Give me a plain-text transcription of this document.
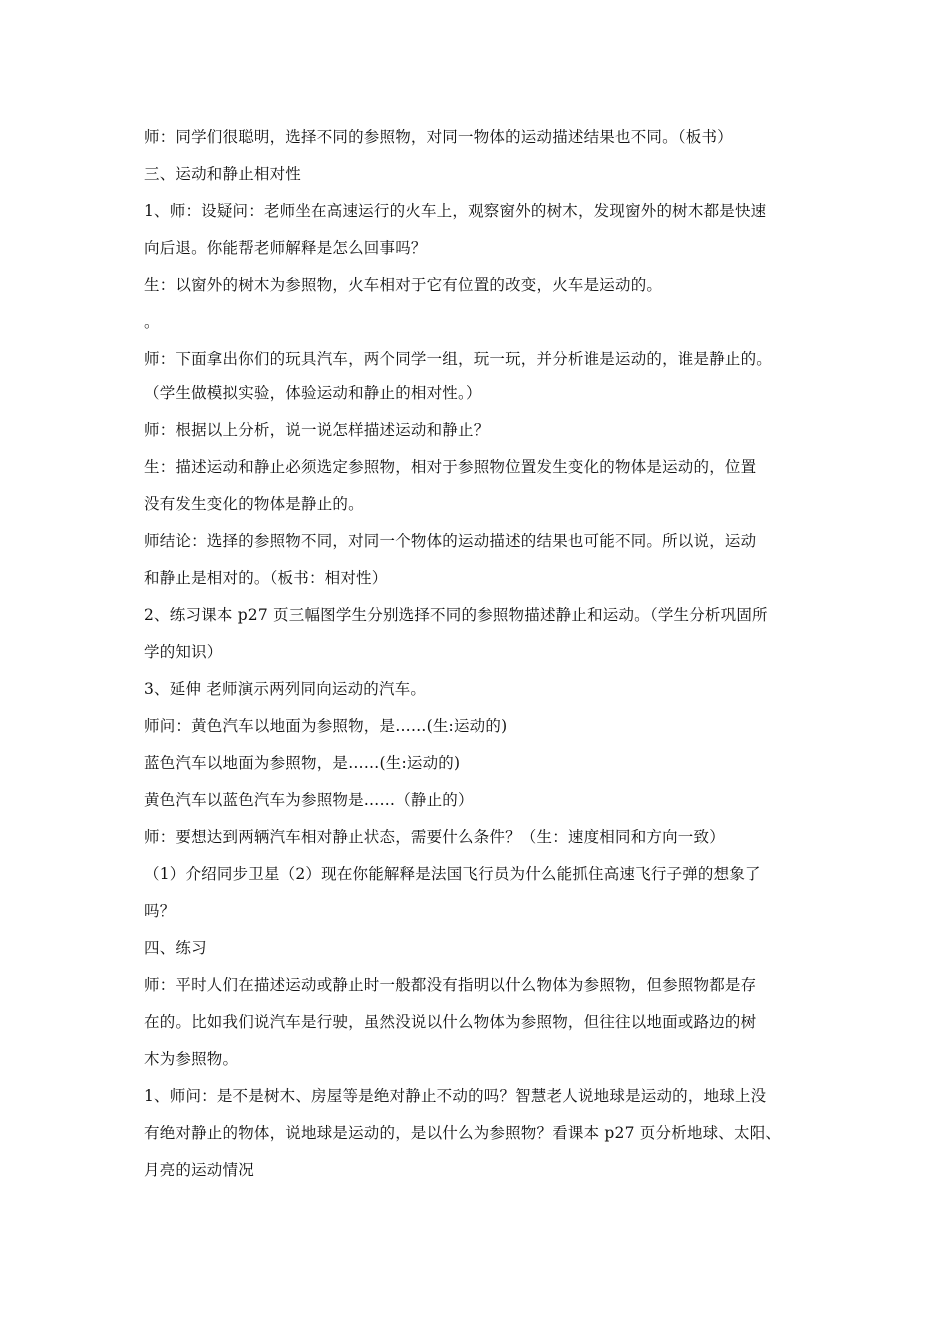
师：同学们很聪明，选择不同的参照物，对同一物体的运动描述结果也不同。（板书）
三、运动和静止相对性
1、师：设疑问：老师坐在高速运行的火车上，观察窗外的树木，发现窗外的树木都是快速
向后退。你能帮老师解释是怎么回事吗？
生：以窗外的树木为参照物，火车相对于它有位置的改变，火车是运动的。
。
师：下面拿出你们的玩具汽车，两个同学一组，玩一玩，并分析谁是运动的，谁是静止的。
（学生做模拟实验，体验运动和静止的相对性。）
师：根据以上分析，说一说怎样描述运动和静止？
生：描述运动和静止必须选定参照物，相对于参照物位置发生变化的物体是运动的，位置
没有发生变化的物体是静止的。
师结论：选择的参照物不同，对同一个物体的运动描述的结果也可能不同。所以说，运动
和静止是相对的。（板书：相对性）
2、练习课本 p27 页三幅图学生分别选择不同的参照物描述静止和运动。（学生分析巩固所
学的知识）
3、延伸 老师演示两列同向运动的汽车。
师问：黄色汽车以地面为参照物，是……(生:运动的)
蓝色汽车以地面为参照物，是……(生:运动的)
黄色汽车以蓝色汽车为参照物是……（静止的）
师：要想达到两辆汽车相对静止状态，需要什么条件？（生：速度相同和方向一致）
（1）介绍同步卫星（2）现在你能解释是法国飞行员为什么能抓住高速飞行子弹的想象了
吗？
四、练习
师：平时人们在描述运动或静止时一般都没有指明以什么物体为参照物，但参照物都是存
在的。比如我们说汽车是行驶，虽然没说以什么物体为参照物，但往往以地面或路边的树
木为参照物。
1、师问：是不是树木、房屋等是绝对静止不动的吗？智慧老人说地球是运动的，地球上没
有绝对静止的物体，说地球是运动的，是以什么为参照物？看课本 p27 页分析地球、太阳、
月亮的运动情况
